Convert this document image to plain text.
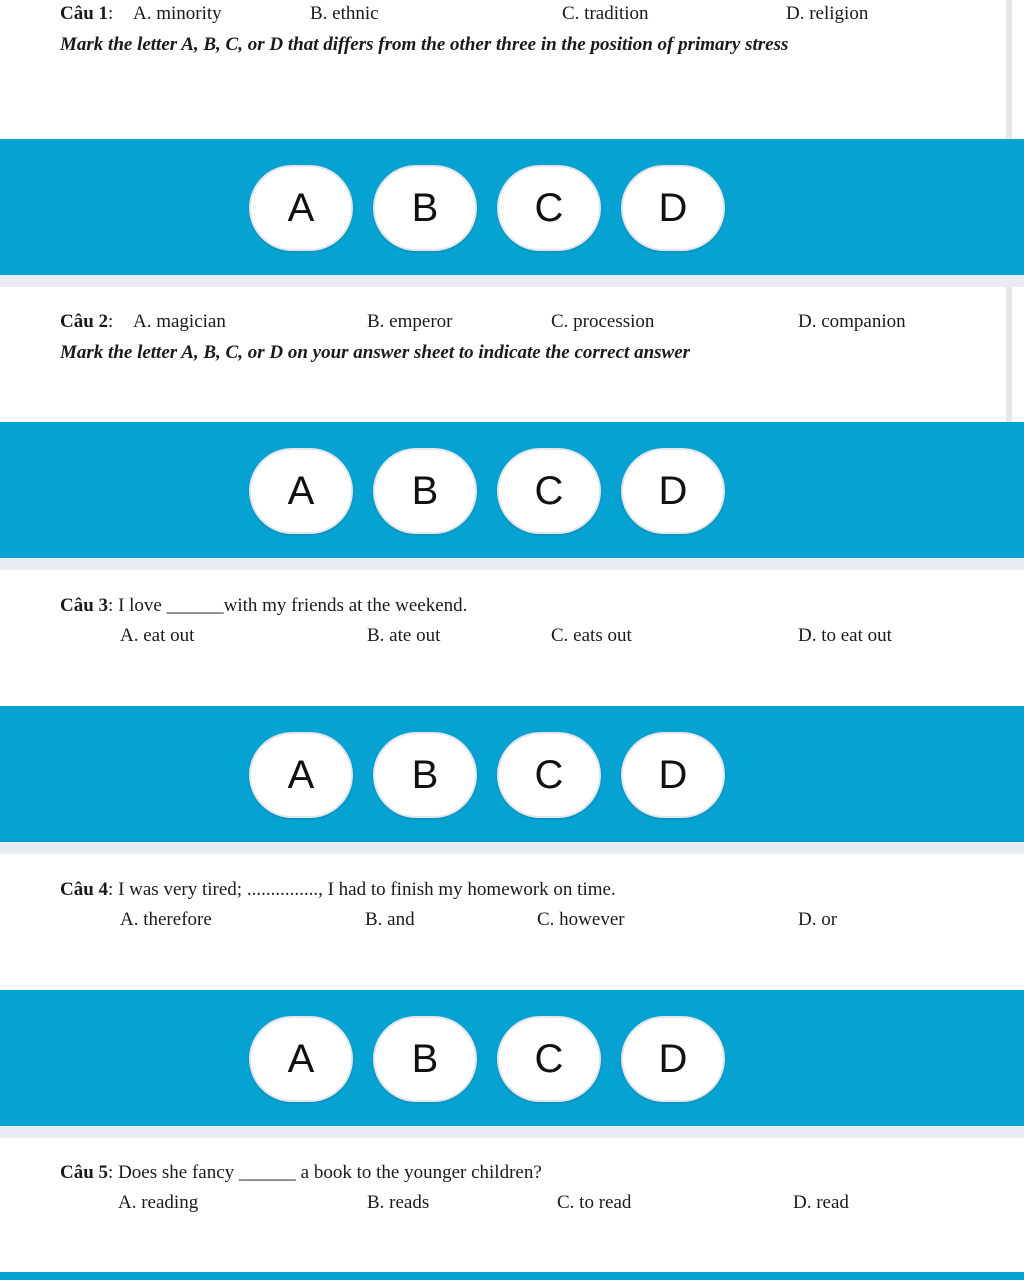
Câu 1: A. minority	B. ethnic	C. tradition	D. religion
Mark the letter A, B, C, or D that differs from the other three in the position of primary stress
A	B	C	D
Câu 2: A. magician	B. emperor	C. procession	D. companion
Mark the letter A, B, C, or D on your answer sheet to indicate the correct answer
A	B	C	D
Câu 3: I love ______with my friends at the weekend.
A. eat out	B. ate out	C. eats out	D. to eat out
A	B	C	D
Câu 4: I was very tired; ..............., I had to finish my homework on time.
A. therefore	B. and	C. however	D. or
A	B	C	D
Câu 5: Does she fancy ______ a book to the younger children?
A. reading	B. reads	C. to read	D. read
